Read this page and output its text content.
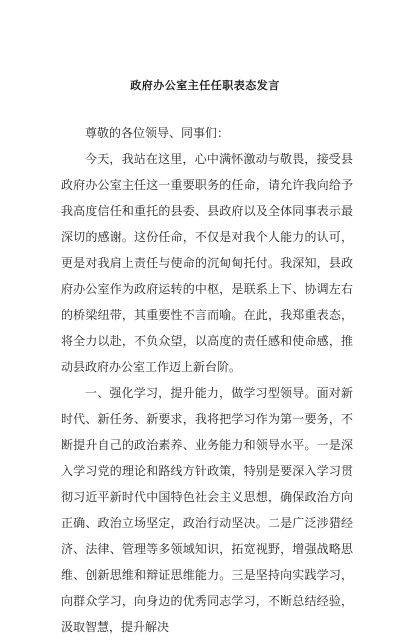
政府办公室主任任职表态发言

尊敬的各位领导、同事们：

今天，我站在这里，心中满怀激动与敬畏，接受县政府办公室主任这一重要职务的任命，请允许我向给予我高度信任和重托的县委、县政府以及全体同事表示最深切的感谢。这份任命，不仅是对我个人能力的认可，更是对我肩上责任与使命的沉甸甸托付。我深知，县政府办公室作为政府运转的中枢，是联系上下、协调左右的桥梁纽带，其重要性不言而喻。在此，我郑重表态，将全力以赴，不负众望，以高度的责任感和使命感，推动县政府办公室工作迈上新台阶。

一、强化学习，提升能力，做学习型领导。面对新时代、新任务、新要求，我将把学习作为第一要务，不断提升自己的政治素养、业务能力和领导水平。一是深入学习党的理论和路线方针政策，特别是要深入学习贯彻习近平新时代中国特色社会主义思想，确保政治方向正确、政治立场坚定，政治行动坚决。二是广泛涉猎经济、法律、管理等多领域知识，拓宽视野，增强战略思维、创新思维和辩证思维能力。三是坚持向实践学习，向群众学习，向身边的优秀同志学习，不断总结经验，汲取智慧，提升解决
